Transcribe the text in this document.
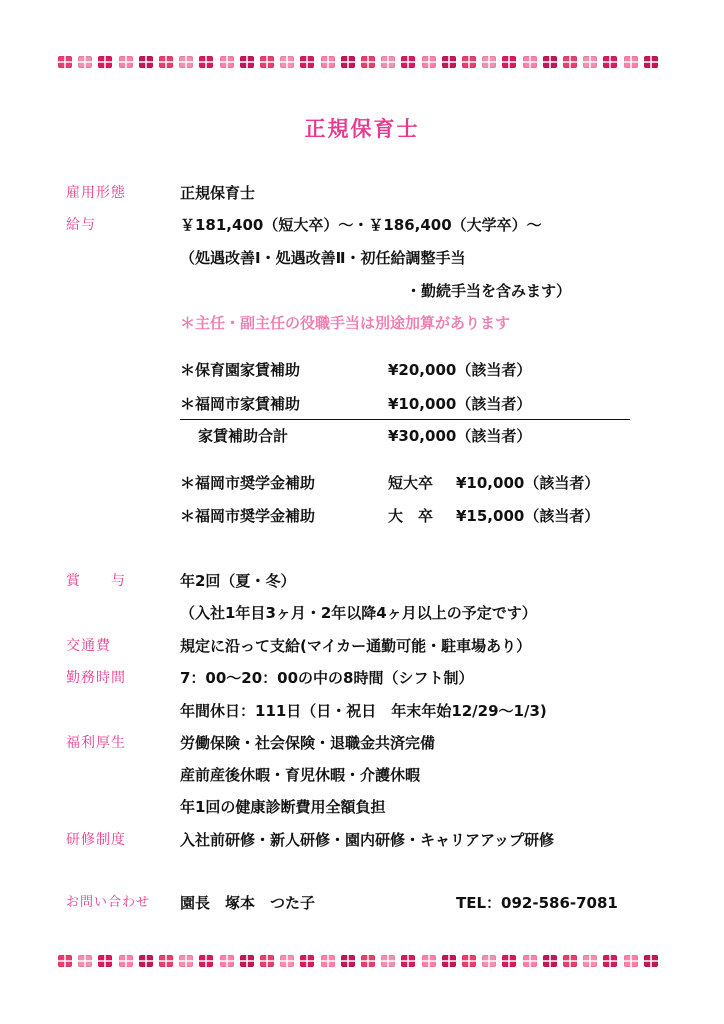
正規保育士
雇用形態	正規保育士
給与	￥181,400（短大卒）～・￥186,400（大学卒）～
（処遇改善Ⅰ・処遇改善Ⅱ・初任給調整手当
・勤続手当を含みます）
＊主任・副主任の役職手当は別途加算があります
＊保育園家賃補助	¥20,000（該当者）
＊福岡市家賃補助	¥10,000（該当者）
家賃補助合計	¥30,000（該当者）
＊福岡市奨学金補助	短大卒 ¥10,000（該当者）
＊福岡市奨学金補助	大　卒 ¥15,000（該当者）
賞　　与	年2回（夏・冬）
（入社1年目3ヶ月・2年以降4ヶ月以上の予定です）
交通費	規定に沿って支給(マイカー通勤可能・駐車場あり）
勤務時間	7：00～20：00の中の8時間（シフト制）
年間休日：111日（日・祝日　年末年始12/29～1/3)
福利厚生	労働保険・社会保険・退職金共済完備
産前産後休暇・育児休暇・介護休暇
年1回の健康診断費用全額負担
研修制度	入社前研修・新人研修・園内研修・キャリアアップ研修
お問い合わせ 園長　塚本　つた子	TEL：092-586-7081
